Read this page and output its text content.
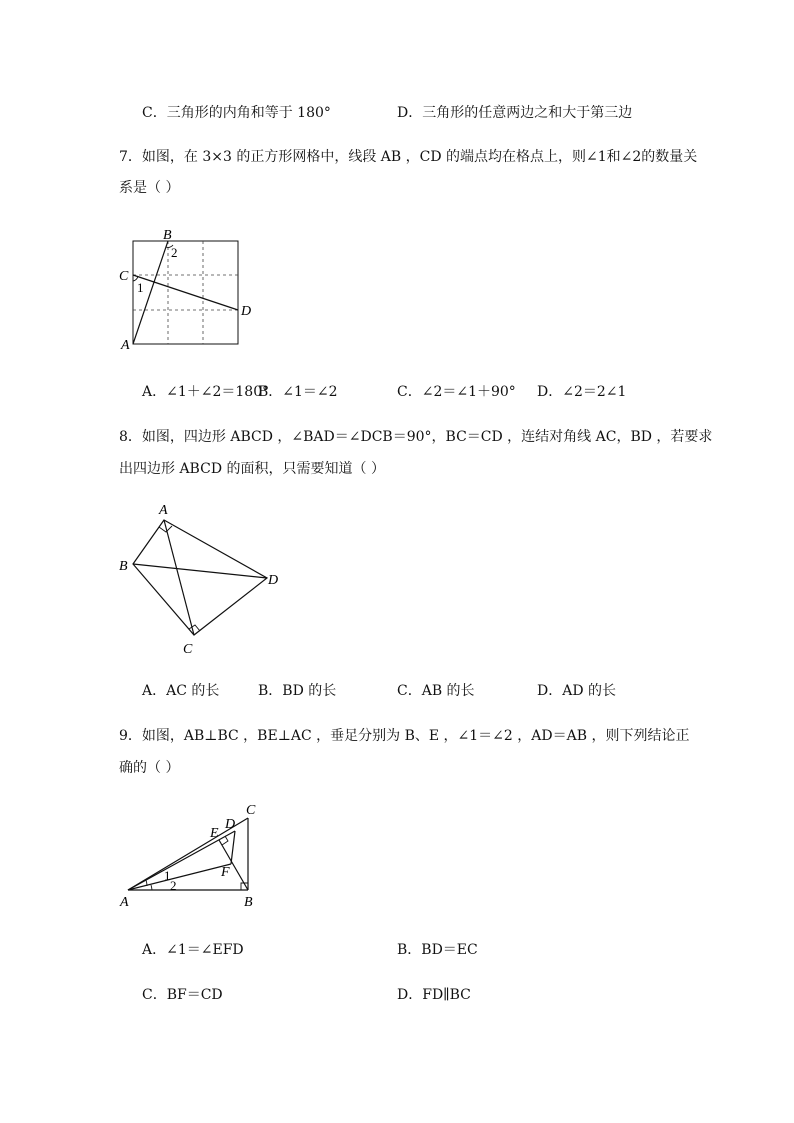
C．三角形的内角和等于 180°	D．三角形的任意两边之和大于第三边
7．如图，在 3×3 的正方形网格中，线段 AB ，CD 的端点均在格点上，则∠1和∠2的数量关
系是（ ）
B
2
C
1
D
A
A．∠1＋∠2＝180°
B．∠1＝∠2	C．∠2＝∠1＋90° D．∠2＝2∠1
8．如图，四边形 ABCD ，∠BAD＝∠DCB＝90°，BC＝CD ，连结对角线 AC，BD ，若要求
出四边形 ABCD 的面积，只需要知道（ ）
A
B
D
C
A．AC 的长	B．BD 的长	C．AB 的长	D．AD 的长
9．如图，AB⊥BC ，BE⊥AC ，垂足分别为 B、E ，∠1＝∠2 ，AD＝AB ，则下列结论正
确的（ ）
C
D
E
F
1
2
A	B
A．∠1＝∠EFD	B．BD＝EC
C．BF＝CD	D．FD∥BC
